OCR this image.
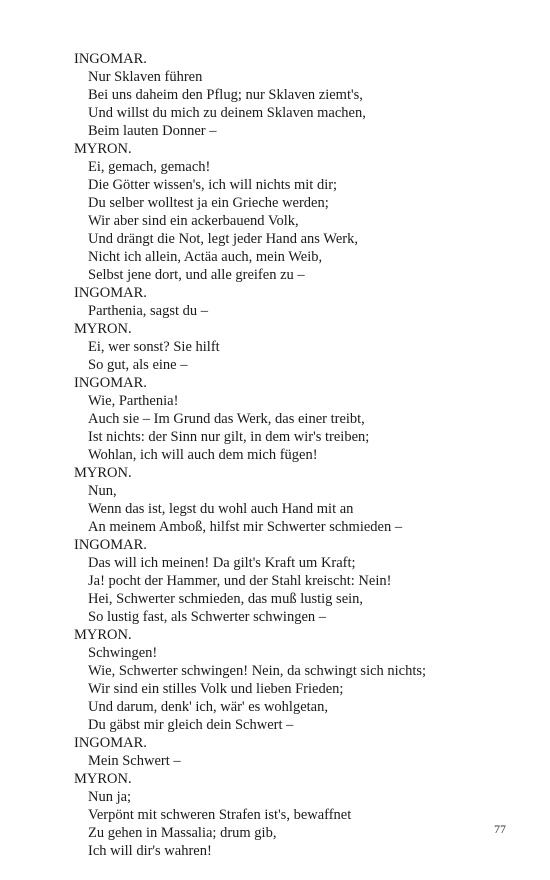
INGOMAR.
Nur Sklaven führen
Bei uns daheim den Pflug; nur Sklaven ziemt's,
Und willst du mich zu deinem Sklaven machen,
Beim lauten Donner –
MYRON.
Ei, gemach, gemach!
Die Götter wissen's, ich will nichts mit dir;
Du selber wolltest ja ein Grieche werden;
Wir aber sind ein ackerbauend Volk,
Und drängt die Not, legt jeder Hand ans Werk,
Nicht ich allein, Actäa auch, mein Weib,
Selbst jene dort, und alle greifen zu –
INGOMAR.
Parthenia, sagst du –
MYRON.
Ei, wer sonst? Sie hilft
So gut, als eine –
INGOMAR.
Wie, Parthenia!
Auch sie – Im Grund das Werk, das einer treibt,
Ist nichts: der Sinn nur gilt, in dem wir's treiben;
Wohlan, ich will auch dem mich fügen!
MYRON.
Nun,
Wenn das ist, legst du wohl auch Hand mit an
An meinem Amboß, hilfst mir Schwerter schmieden –
INGOMAR.
Das will ich meinen! Da gilt's Kraft um Kraft;
Ja! pocht der Hammer, und der Stahl kreischt: Nein!
Hei, Schwerter schmieden, das muß lustig sein,
So lustig fast, als Schwerter schwingen –
MYRON.
Schwingen!
Wie, Schwerter schwingen! Nein, da schwingt sich nichts;
Wir sind ein stilles Volk und lieben Frieden;
Und darum, denk' ich, wär' es wohlgetan,
Du gäbst mir gleich dein Schwert –
INGOMAR.
Mein Schwert –
MYRON.
Nun ja;
Verpönt mit schweren Strafen ist's, bewaffnet
Zu gehen in Massalia; drum gib,
Ich will dir's wahren!
77
